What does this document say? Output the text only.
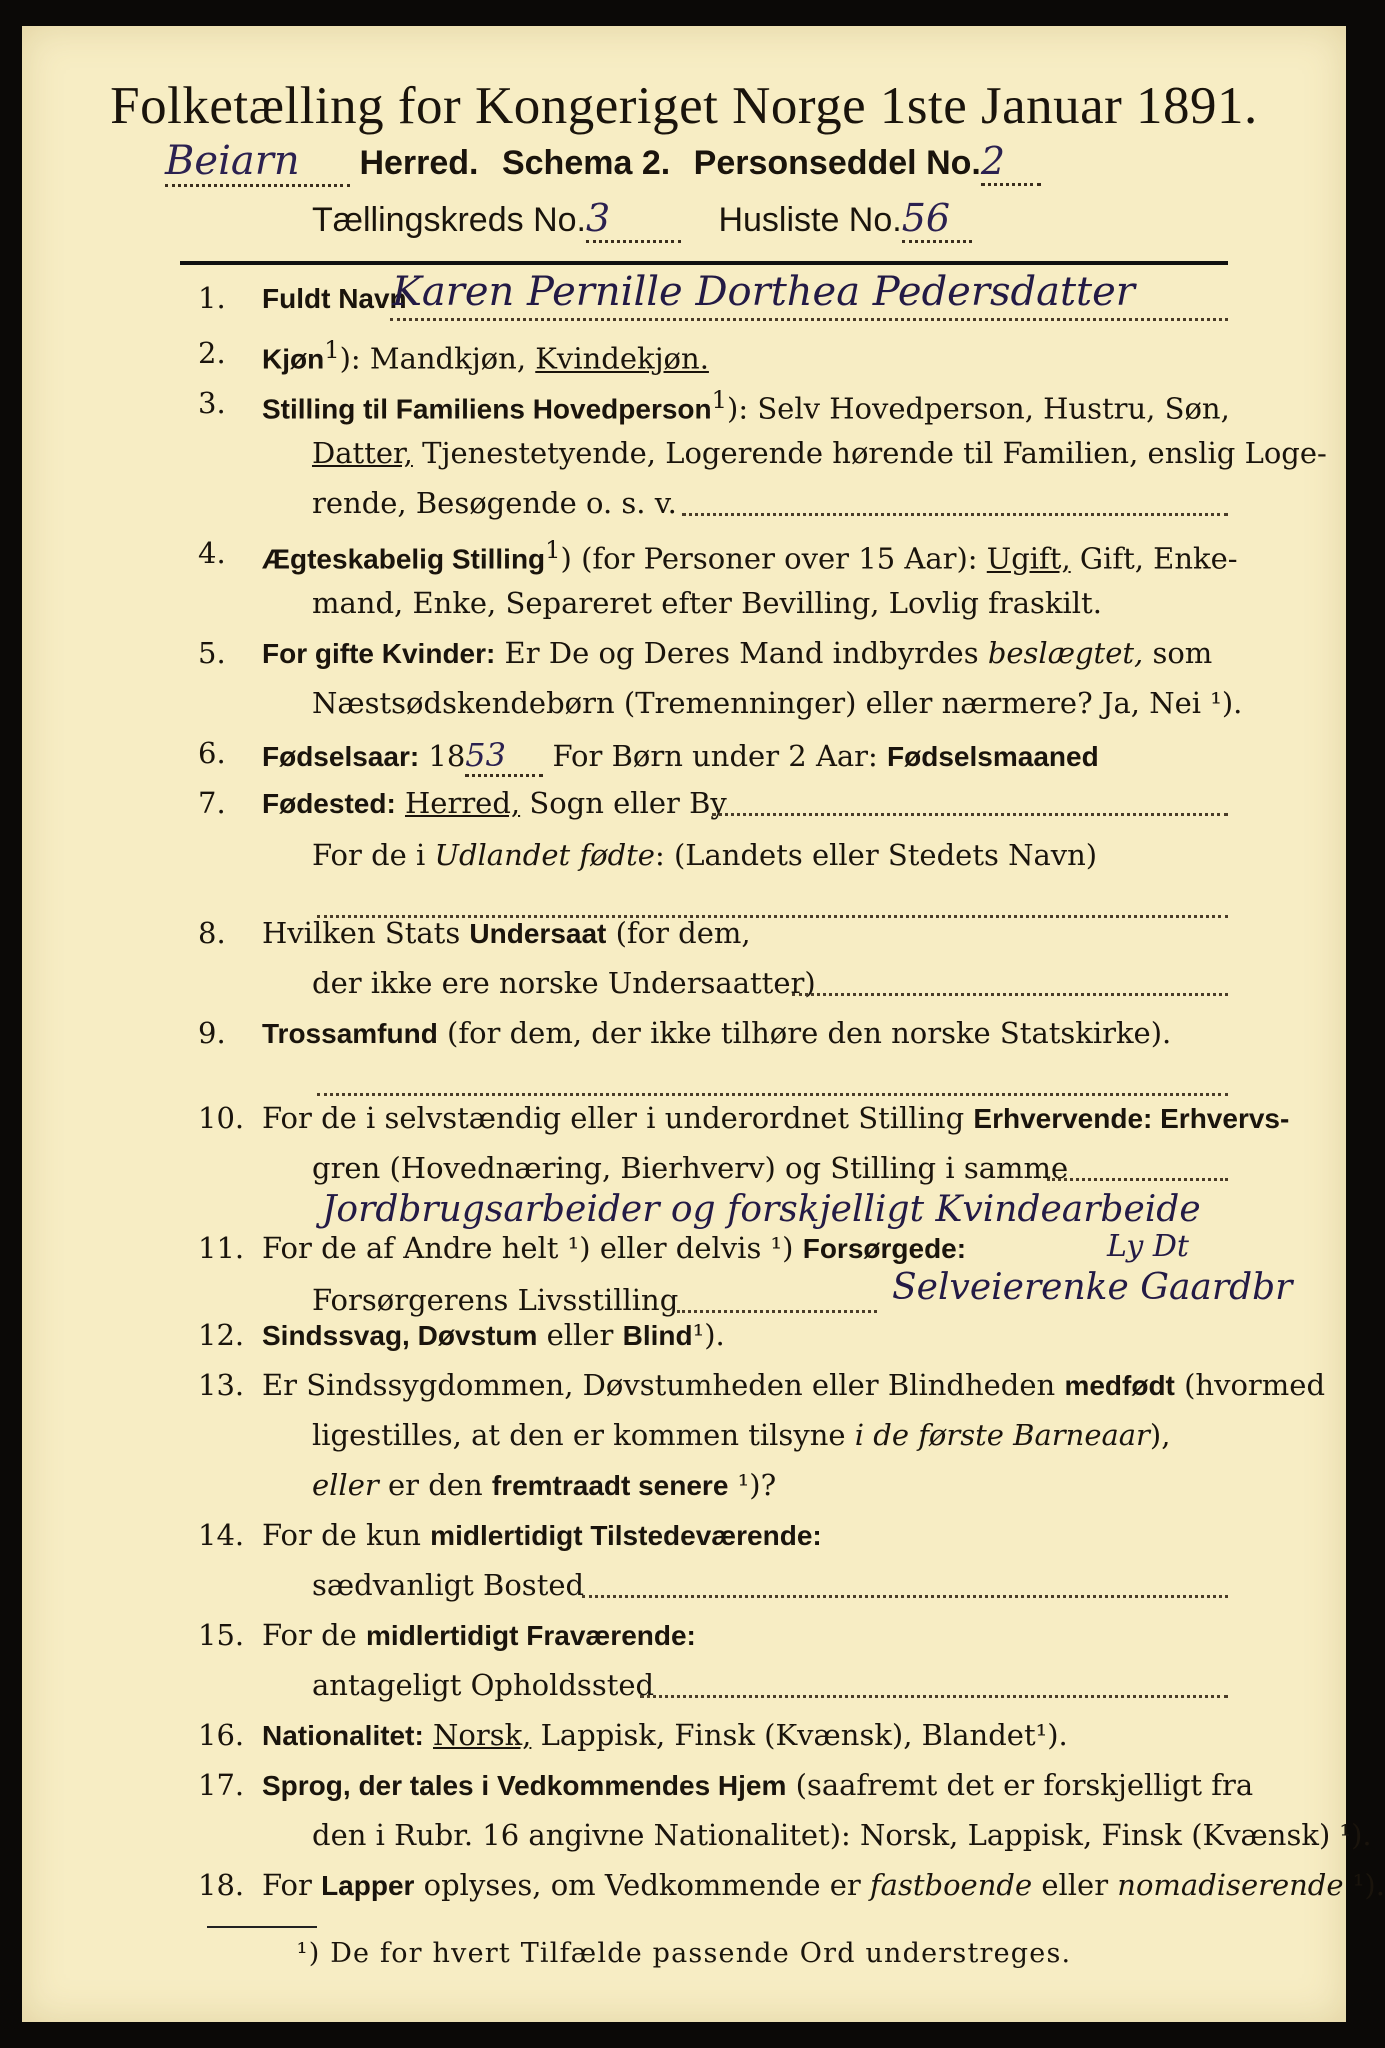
Folketælling for Kongeriget Norge 1ste Januar 1891.
Beiarn Herred. Schema 2. Personseddel No.2
Tællingskreds No.3	Husliste No.56
1.	Fuldt Navn
Karen Pernille Dorthea Pedersdatter
2.	Kjøn$^1$): Mandkjøn, Kvindekjøn.
3.	Stilling til Familiens Hovedperson$^1$): Selv Hovedperson, Hustru, Søn,
Datter, Tjenestetyende, Logerende hørende til Familien, enslig Loge-
rende, Besøgende o. s. v.
4.	Ægteskabelig Stilling$^1$) (for Personer over 15 Aar): Ugift, Gift, Enke-
mand, Enke, Separeret efter Bevilling, Lovlig fraskilt.
5.	For gifte Kvinder: Er De og Deres Mand indbyrdes beslægtet, som
Næstsødskendebørn (Tremenninger) eller nærmere? Ja, Nei ¹).
6.	Fødselsaar: 1853 For Børn under 2 Aar: Fødselsmaaned
7.	Fødested: Herred, Sogn eller By
For de i Udlandet fødte: (Landets eller Stedets Navn)
8.	Hvilken Stats Undersaat (for dem,
der ikke ere norske Undersaatter)
9.	Trossamfund (for dem, der ikke tilhøre den norske Statskirke).
10. For de i selvstændig eller i underordnet Stilling Erhvervende: Erhvervs-
gren (Hovednæring, Bierhverv) og Stilling i samme
Jordbrugsarbeider og forskjelligt Kvindearbeide
Ly Dt
11. For de af Andre helt ¹) eller delvis ¹) Forsørgede:
Forsørgerens Livsstilling	Selveierenke Gaardbr
12. Sindssvag, Døvstum eller Blind¹).
13. Er Sindssygdommen, Døvstumheden eller Blindheden medfødt (hvormed
ligestilles, at den er kommen tilsyne i de første Barneaar),
eller er den fremtraadt senere ¹)?
14. For de kun midlertidigt Tilstedeværende:
sædvanligt Bosted
15. For de midlertidigt Fraværende:
antageligt Opholdssted
16. Nationalitet: Norsk, Lappisk, Finsk (Kvænsk), Blandet¹).
17. Sprog, der tales i Vedkommendes Hjem (saafremt det er forskjelligt fra
den i Rubr. 16 angivne Nationalitet): Norsk, Lappisk, Finsk (Kvænsk) ¹).
18. For Lapper oplyses, om Vedkommende er fastboende eller nomadiserende ¹).
¹) De for hvert Tilfælde passende Ord understreges.
